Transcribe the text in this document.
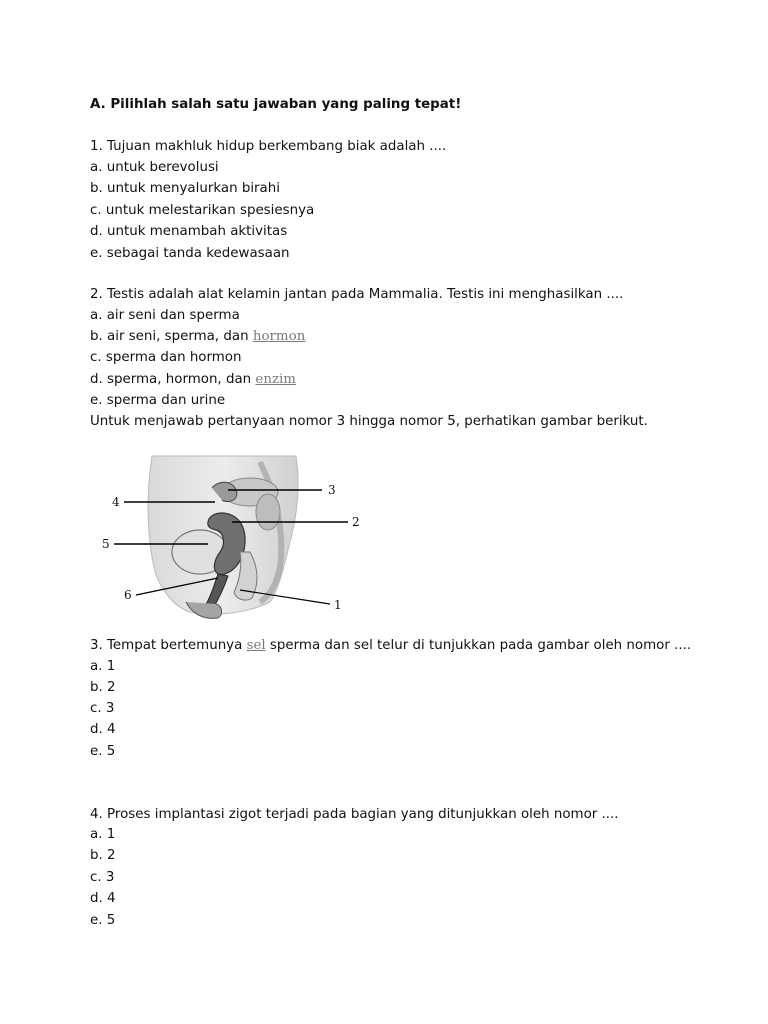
A. Pilihlah salah satu jawaban yang paling tepat!
1. Tujuan makhluk hidup berkembang biak adalah ....
a. untuk berevolusi
b. untuk menyalurkan birahi
c. untuk melestarikan spesiesnya
d. untuk menambah aktivitas
e. sebagai tanda kedewasaan
2. Testis adalah alat kelamin jantan pada Mammalia. Testis ini menghasilkan ....
a. air seni dan sperma
b. air seni, sperma, dan hormon
c. sperma dan hormon
d. sperma, hormon, dan enzim
e. sperma dan urine
Untuk menjawab pertanyaan nomor 3 hingga nomor 5, perhatikan gambar berikut.
3
4
2
5
6
1
3. Tempat bertemunya sel sperma dan sel telur di tunjukkan pada gambar oleh nomor ....
a. 1
b. 2
c. 3
d. 4
e. 5
4. Proses implantasi zigot terjadi pada bagian yang ditunjukkan oleh nomor ....
a. 1
b. 2
c. 3
d. 4
e. 5
